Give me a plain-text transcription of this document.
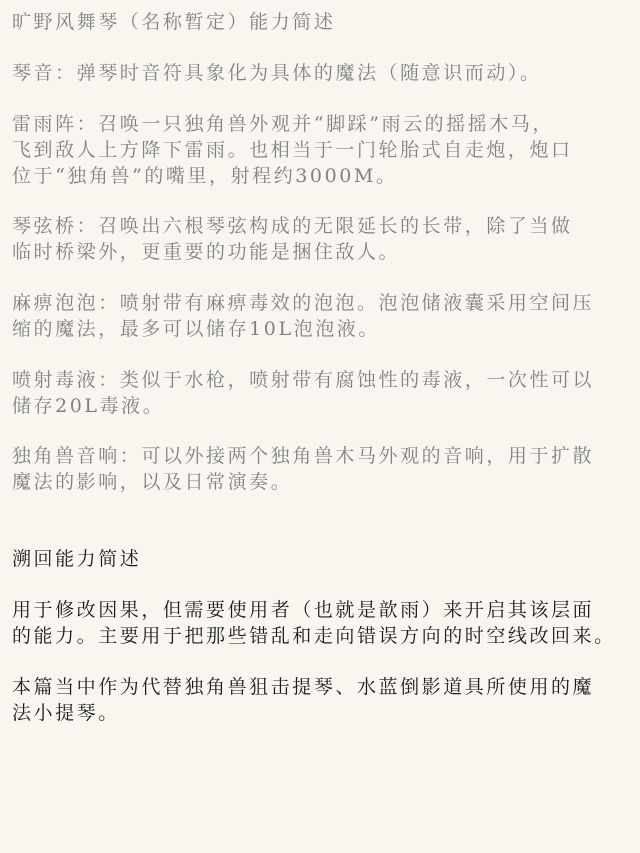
旷野风舞琴（名称暂定）能力简述
琴音：弹琴时音符具象化为具体的魔法（随意识而动）。
雷雨阵：召唤一只独角兽外观并“脚踩”雨云的摇摇木马，
飞到敌人上方降下雷雨。也相当于一门轮胎式自走炮，炮口
位于“独角兽”的嘴里，射程约3000M。
琴弦桥：召唤出六根琴弦构成的无限延长的长带，除了当做
临时桥梁外，更重要的功能是捆住敌人。
麻痹泡泡：喷射带有麻痹毒效的泡泡。泡泡储液囊采用空间压
缩的魔法，最多可以储存10L泡泡液。
喷射毒液：类似于水枪，喷射带有腐蚀性的毒液，一次性可以
储存20L毒液。
独角兽音响：可以外接两个独角兽木马外观的音响，用于扩散
魔法的影响，以及日常演奏。
溯回能力简述
用于修改因果，但需要使用者（也就是歆雨）来开启其该层面
的能力。主要用于把那些错乱和走向错误方向的时空线改回来。
本篇当中作为代替独角兽狙击提琴、水蓝倒影道具所使用的魔
法小提琴。
